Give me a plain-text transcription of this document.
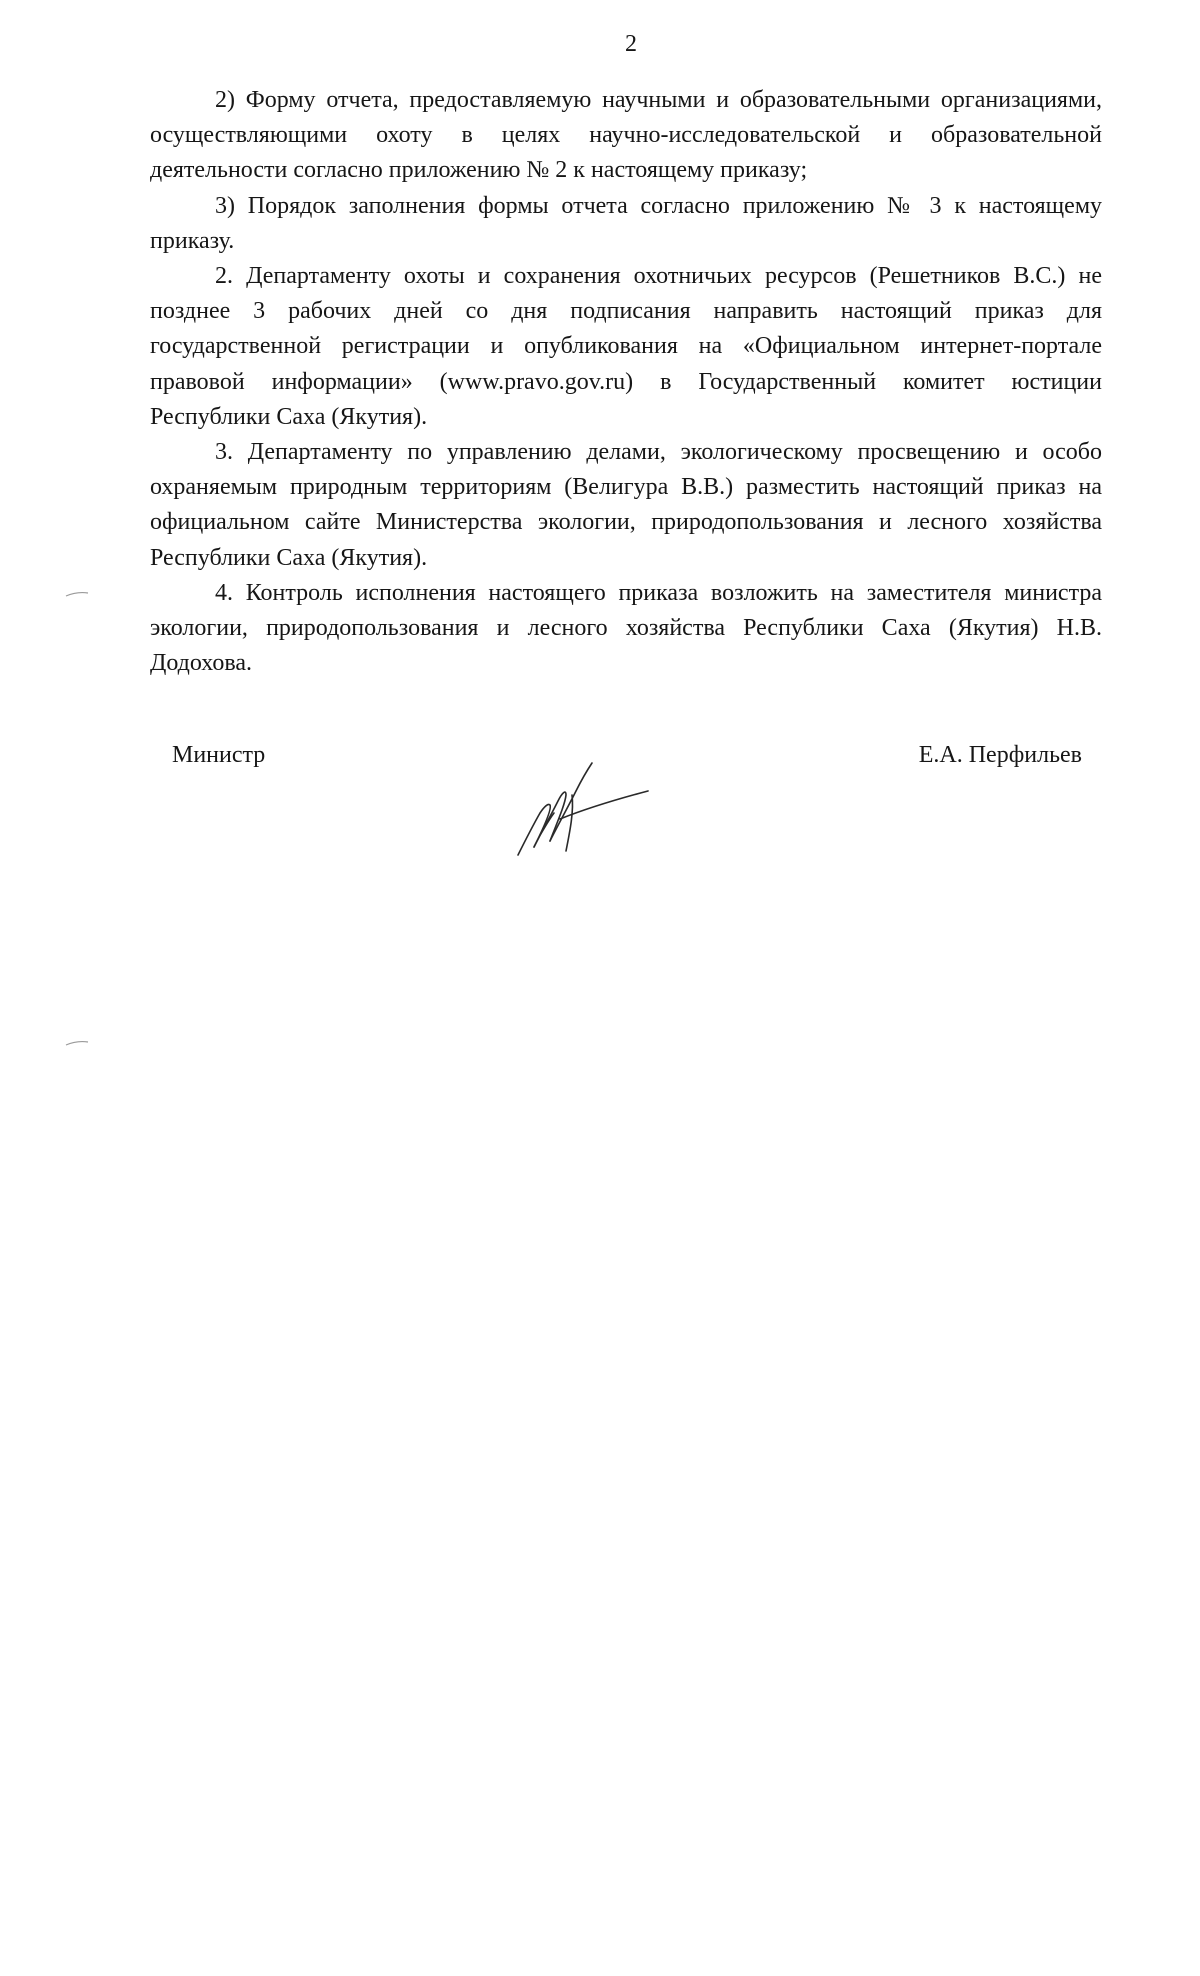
2

2) Форму отчета, предоставляемую научными и образовательными организациями, осуществляющими охоту в целях научно-исследовательской и образовательной деятельности согласно приложению № 2 к настоящему приказу;

3) Порядок заполнения формы отчета согласно приложению № 3 к настоящему приказу.

2. Департаменту охоты и сохранения охотничьих ресурсов (Решетников В.С.) не позднее 3 рабочих дней со дня подписания направить настоящий приказ для государственной регистрации и опубликования на «Официальном интернет-портале правовой информации» (www.pravo.gov.ru) в Государственный комитет юстиции Республики Саха (Якутия).

3. Департаменту по управлению делами, экологическому просвещению и особо охраняемым природным территориям (Велигура В.В.) разместить настоящий приказ на официальном сайте Министерства экологии, природопользования и лесного хозяйства Республики Саха (Якутия).

4. Контроль исполнения настоящего приказа возложить на заместителя министра экологии, природопользования и лесного хозяйства Республики Саха (Якутия) Н.В. Додохова.

Министр	Е.А. Перфильев
